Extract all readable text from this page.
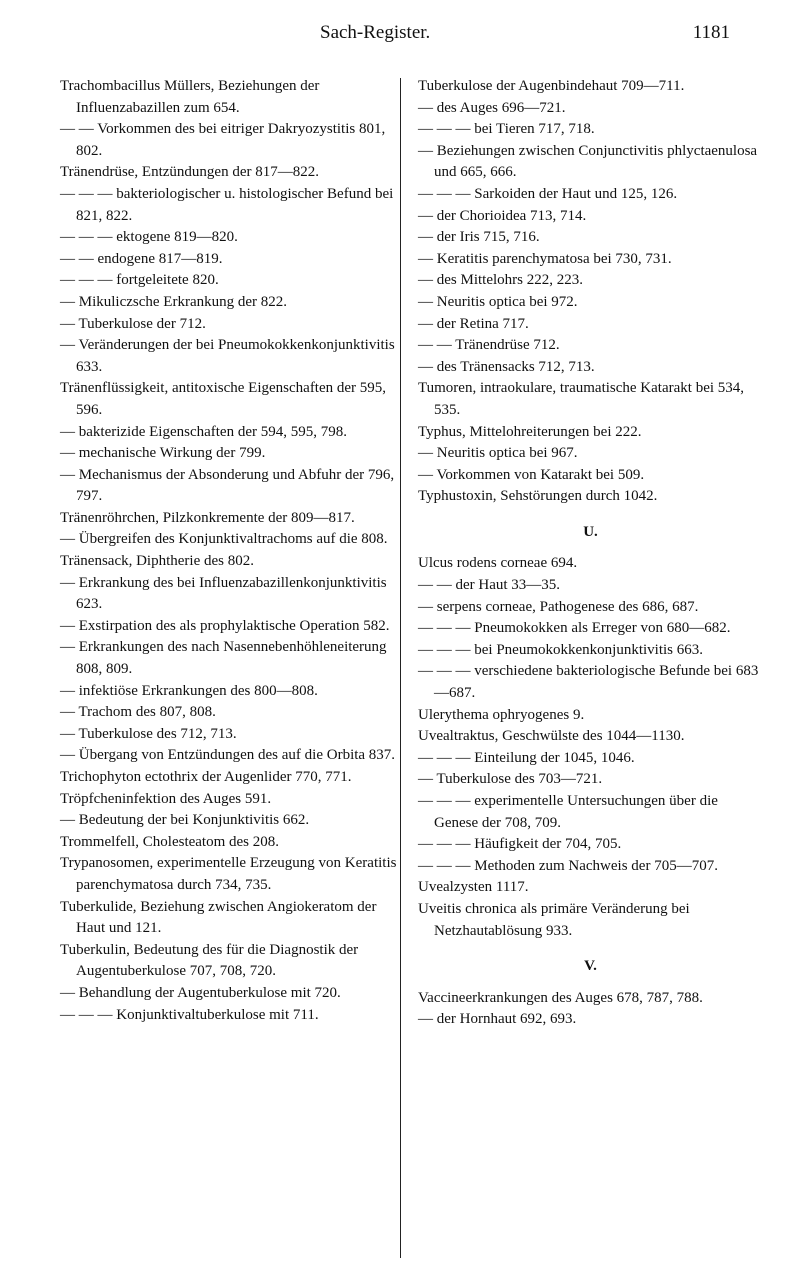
Sach-Register.	1181

Trachombacillus Müllers, Beziehungen der Influenzabazillen zum 654.

— — Vorkommen des bei eitriger Dakryozystitis 801, 802.

Tränendrüse, Entzündungen der 817—822.

— — — bakteriologischer u. histologischer Befund bei 821, 822.

— — — ektogene 819—820.

— — endogene 817—819.

— — — fortgeleitete 820.

— Mikuliczsche Erkrankung der 822.

— Tuberkulose der 712.

— Veränderungen der bei Pneumokokkenkonjunktivitis 633.

Tränenflüssigkeit, antitoxische Eigenschaften der 595, 596.

— bakterizide Eigenschaften der 594, 595, 798.

— mechanische Wirkung der 799.

— Mechanismus der Absonderung und Abfuhr der 796, 797.

Tränenröhrchen, Pilzkonkremente der 809—817.

— Übergreifen des Konjunktivaltrachoms auf die 808.

Tränensack, Diphtherie des 802.

— Erkrankung des bei Influenzabazillenkonjunktivitis 623.

— Exstirpation des als prophylaktische Operation 582.

— Erkrankungen des nach Nasennebenhöhleneiterung 808, 809.

— infektiöse Erkrankungen des 800—808.

— Trachom des 807, 808.

— Tuberkulose des 712, 713.

— Übergang von Entzündungen des auf die Orbita 837.

Trichophyton ectothrix der Augenlider 770, 771.

Tröpfcheninfektion des Auges 591.

— Bedeutung der bei Konjunktivitis 662.

Trommelfell, Cholesteatom des 208.

Trypanosomen, experimentelle Erzeugung von Keratitis parenchymatosa durch 734, 735.

Tuberkulide, Beziehung zwischen Angiokeratom der Haut und 121.

Tuberkulin, Bedeutung des für die Diagnostik der Augentuberkulose 707, 708, 720.

— Behandlung der Augentuberkulose mit 720.

— — — Konjunktivaltuberkulose mit 711.

Tuberkulose der Augenbindehaut 709—711.

— des Auges 696—721.

— — — bei Tieren 717, 718.

— Beziehungen zwischen Conjunctivitis phlyctaenulosa und 665, 666.

— — — Sarkoiden der Haut und 125, 126.

— der Chorioidea 713, 714.

— der Iris 715, 716.

— Keratitis parenchymatosa bei 730, 731.

— des Mittelohrs 222, 223.

— Neuritis optica bei 972.

— der Retina 717.

— — Tränendrüse 712.

— des Tränensacks 712, 713.

Tumoren, intraokulare, traumatische Katarakt bei 534, 535.

Typhus, Mittelohreiterungen bei 222.

— Neuritis optica bei 967.

— Vorkommen von Katarakt bei 509.

Typhustoxin, Sehstörungen durch 1042.

U.

Ulcus rodens corneae 694.

— — der Haut 33—35.

— serpens corneae, Pathogenese des 686, 687.

— — — Pneumokokken als Erreger von 680—682.

— — — bei Pneumokokkenkonjunktivitis 663.

— — — verschiedene bakteriologische Befunde bei 683—687.

Ulerythema ophryogenes 9.

Uvealtraktus, Geschwülste des 1044—1130.

— — — Einteilung der 1045, 1046.

— Tuberkulose des 703—721.

— — — experimentelle Untersuchungen über die Genese der 708, 709.

— — — Häufigkeit der 704, 705.

— — — Methoden zum Nachweis der 705—707.

Uvealzysten 1117.

Uveitis chronica als primäre Veränderung bei Netzhautablösung 933.

V.

Vaccineerkrankungen des Auges 678, 787, 788.

— der Hornhaut 692, 693.
